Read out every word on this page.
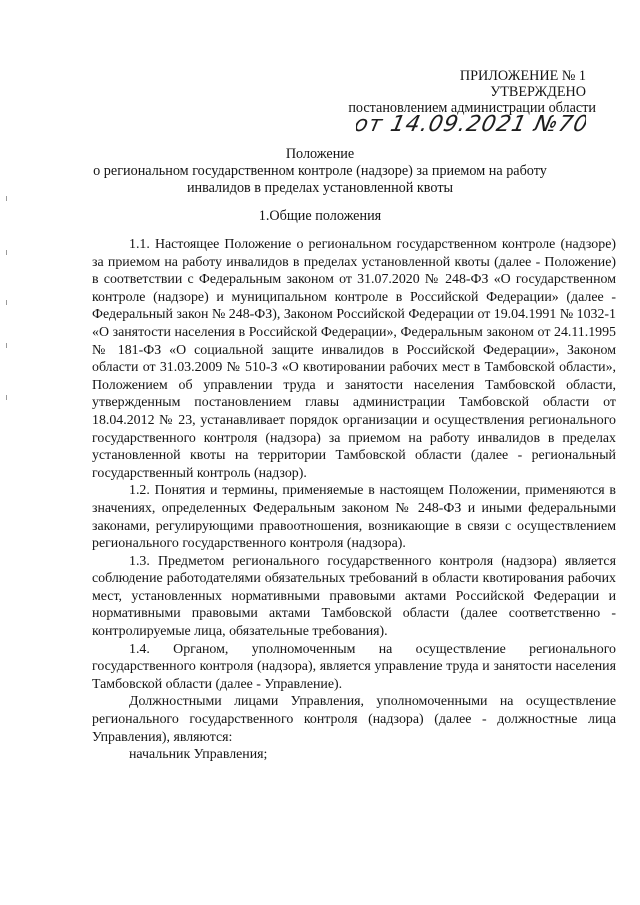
ПРИЛОЖЕНИЕ № 1
УТВЕРЖДЕНО
постановлением администрации области
от 14.09.2021 №708
Положение
о региональном государственном контроле (надзоре) за приемом на работу
инвалидов в пределах установленной квоты
1.Общие положения

1.1. Настоящее Положение о региональном государственном контроле (надзоре) за приемом на работу инвалидов в пределах установленной квоты (далее - Положение) в соответствии с Федеральным законом от 31.07.2020 № 248-ФЗ «О государственном контроле (надзоре) и муниципальном контроле в Российской Федерации» (далее - Федеральный закон № 248-ФЗ), Законом Российской Федерации от 19.04.1991 № 1032-1 «О занятости населения в Российской Федерации», Федеральным законом от 24.11.1995 № 181-ФЗ «О социальной защите инвалидов в Российской Федерации», Законом области от 31.03.2009 № 510-З «О квотировании рабочих мест в Тамбовской области», Положением об управлении труда и занятости населения Тамбовской области, утвержденным постановлением главы администрации Тамбовской области от 18.04.2012 № 23, устанавливает порядок организации и осуществления регионального государственного контроля (надзора) за приемом на работу инвалидов в пределах установленной квоты на территории Тамбовской области (далее - региональный государственный контроль (надзор).

1.2. Понятия и термины, применяемые в настоящем Положении, применяются в значениях, определенных Федеральным законом № 248-ФЗ и иными федеральными законами, регулирующими правоотношения, возникающие в связи с осуществлением регионального государственного контроля (надзора).

1.3. Предметом регионального государственного контроля (надзора) является соблюдение работодателями обязательных требований в области квотирования рабочих мест, установленных нормативными правовыми актами Российской Федерации и нормативными правовыми актами Тамбовской области (далее соответственно - контролируемые лица, обязательные требования).

1.4. Органом, уполномоченным на осуществление регионального государственного контроля (надзора), является управление труда и занятости населения Тамбовской области (далее - Управление).

Должностными лицами Управления, уполномоченными на осуществление регионального государственного контроля (надзора) (далее - должностные лица Управления), являются:

начальник Управления;
